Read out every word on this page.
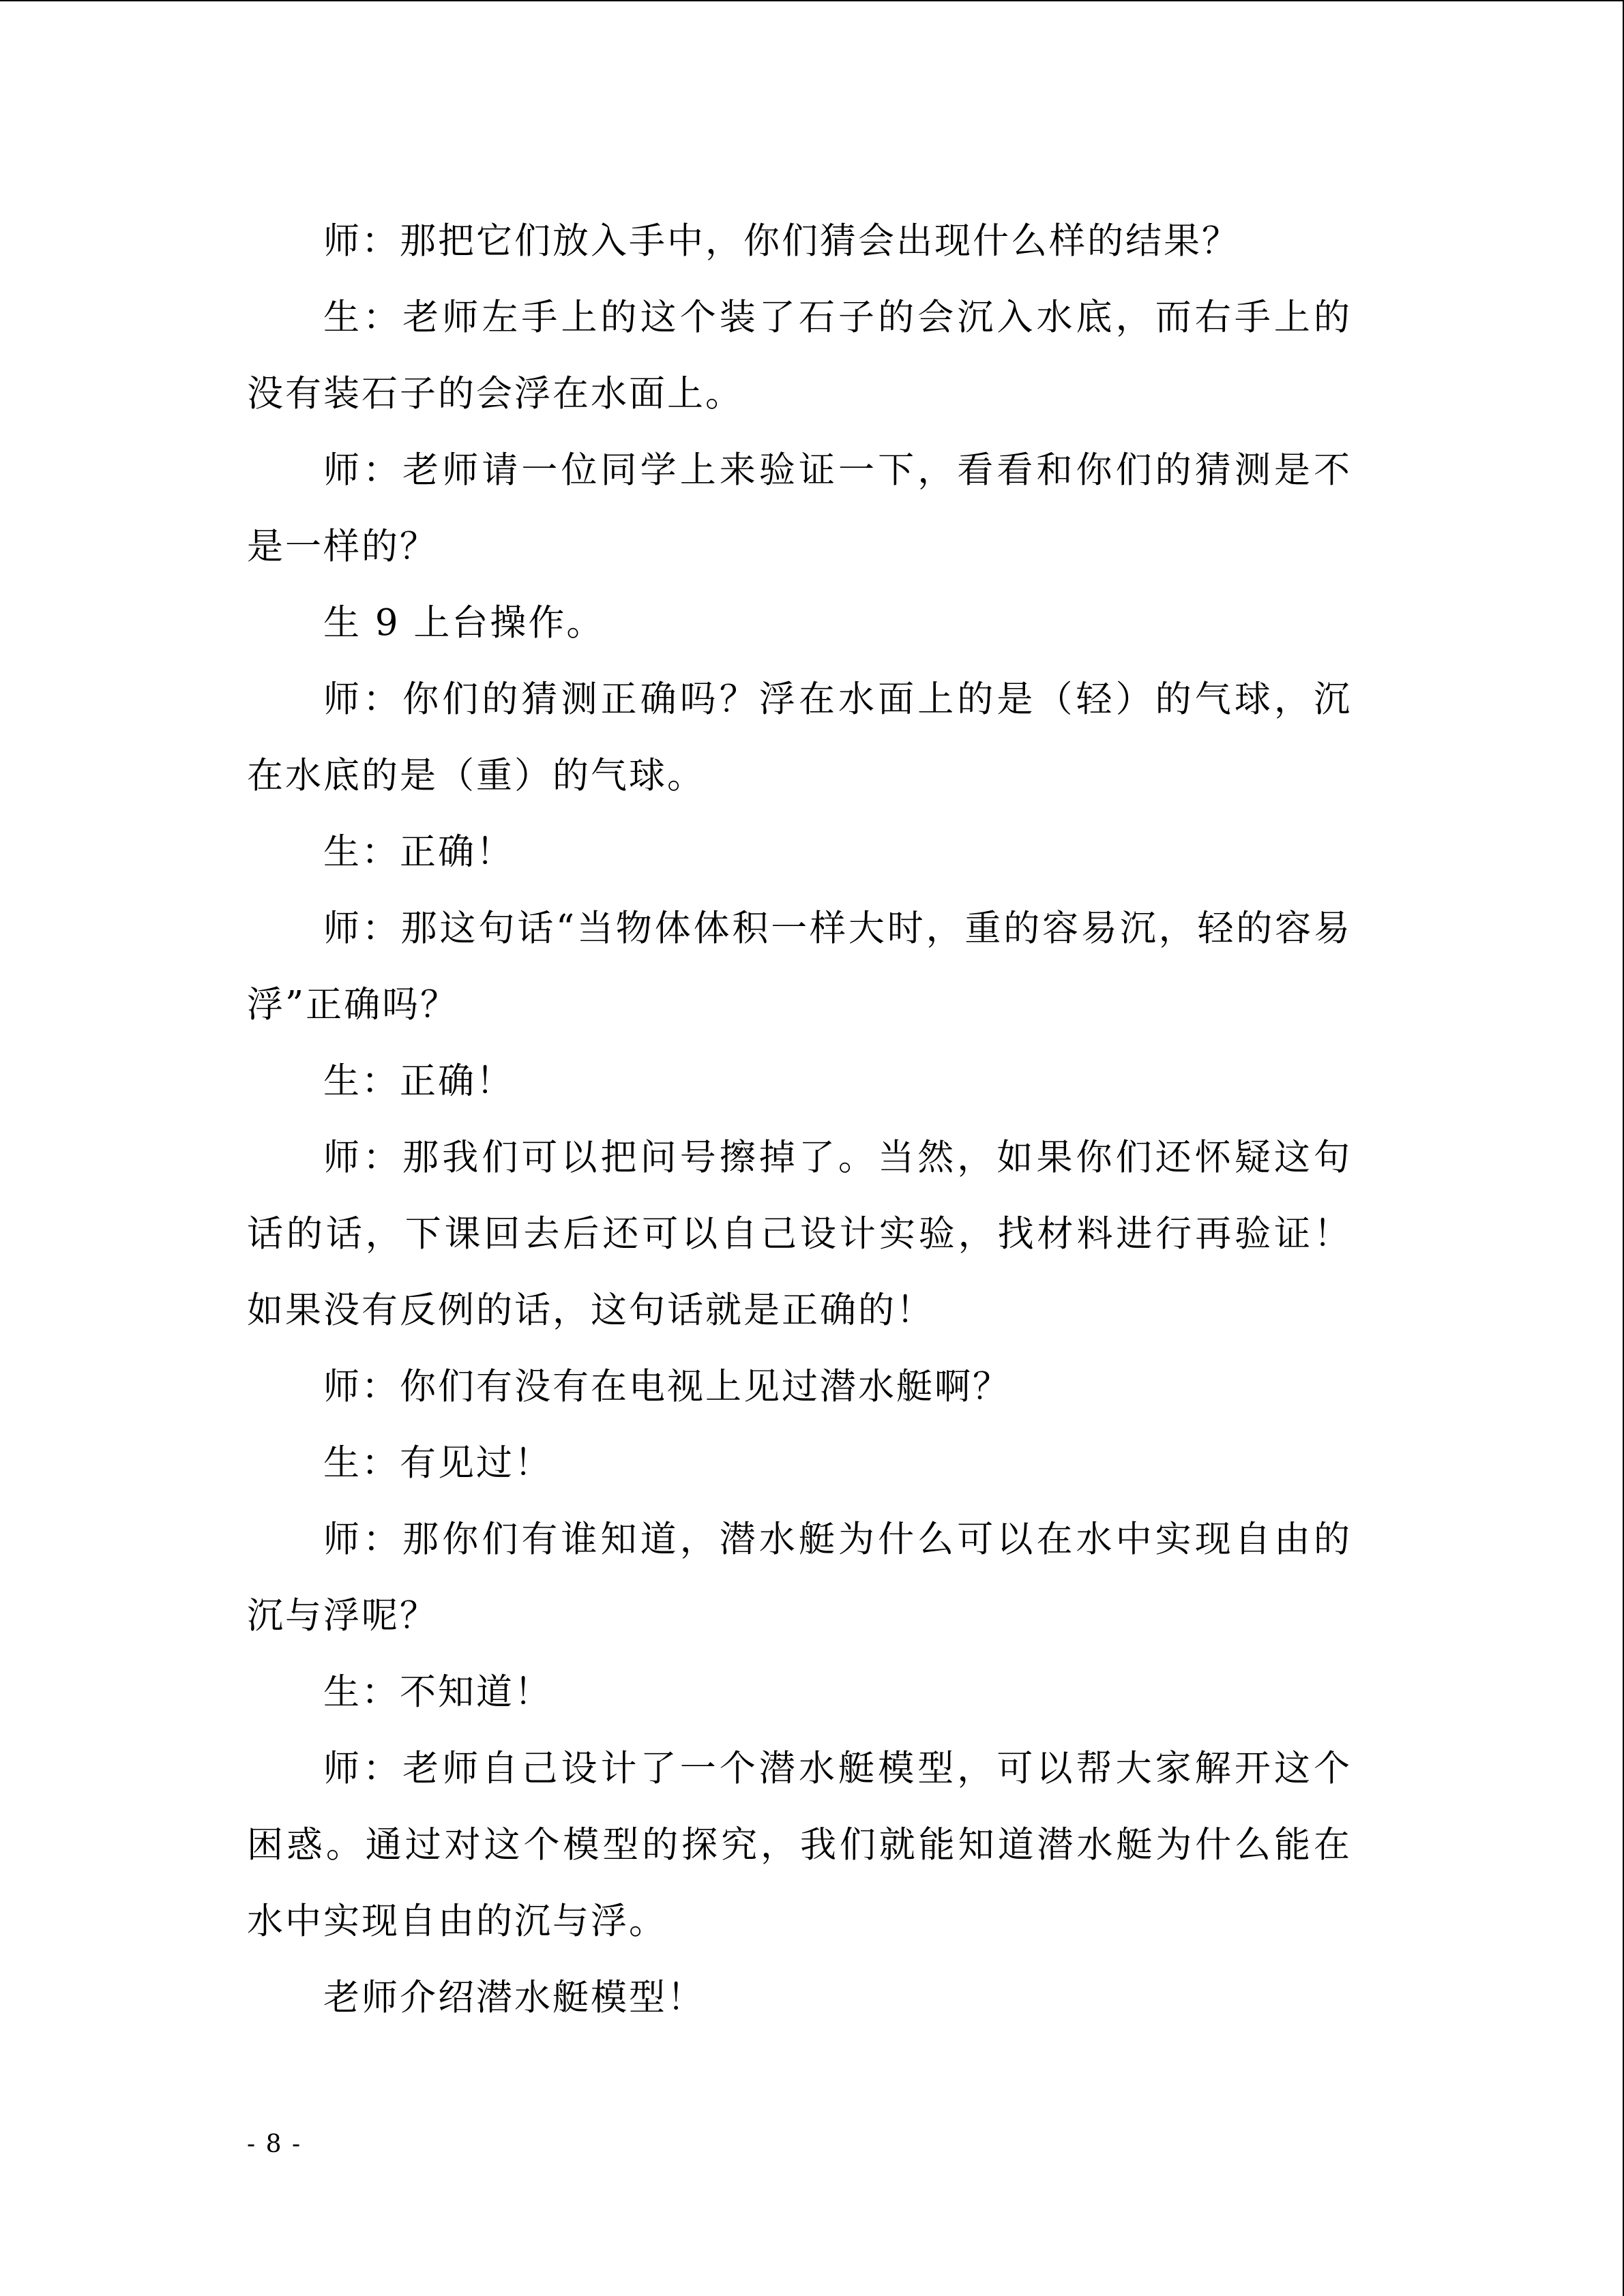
师：那把它们放入手中，你们猜会出现什么样的结果？

生：老师左手上的这个装了石子的会沉入水底，而右手上的没有装石子的会浮在水面上。

师：老师请一位同学上来验证一下，看看和你们的猜测是不是一样的？

生 9 上台操作。

师：你们的猜测正确吗？浮在水面上的是（轻）的气球，沉在水底的是（重）的气球。

生：正确！

师：那这句话“当物体体积一样大时，重的容易沉，轻的容易浮”正确吗？

生：正确！

师：那我们可以把问号擦掉了。当然，如果你们还怀疑这句话的话，下课回去后还可以自己设计实验，找材料进行再验证！如果没有反例的话，这句话就是正确的！

师：你们有没有在电视上见过潜水艇啊？

生：有见过！

师：那你们有谁知道，潜水艇为什么可以在水中实现自由的沉与浮呢？

生：不知道！

师：老师自己设计了一个潜水艇模型，可以帮大家解开这个困惑。通过对这个模型的探究，我们就能知道潜水艇为什么能在水中实现自由的沉与浮。

老师介绍潜水艇模型！

- 8 -
